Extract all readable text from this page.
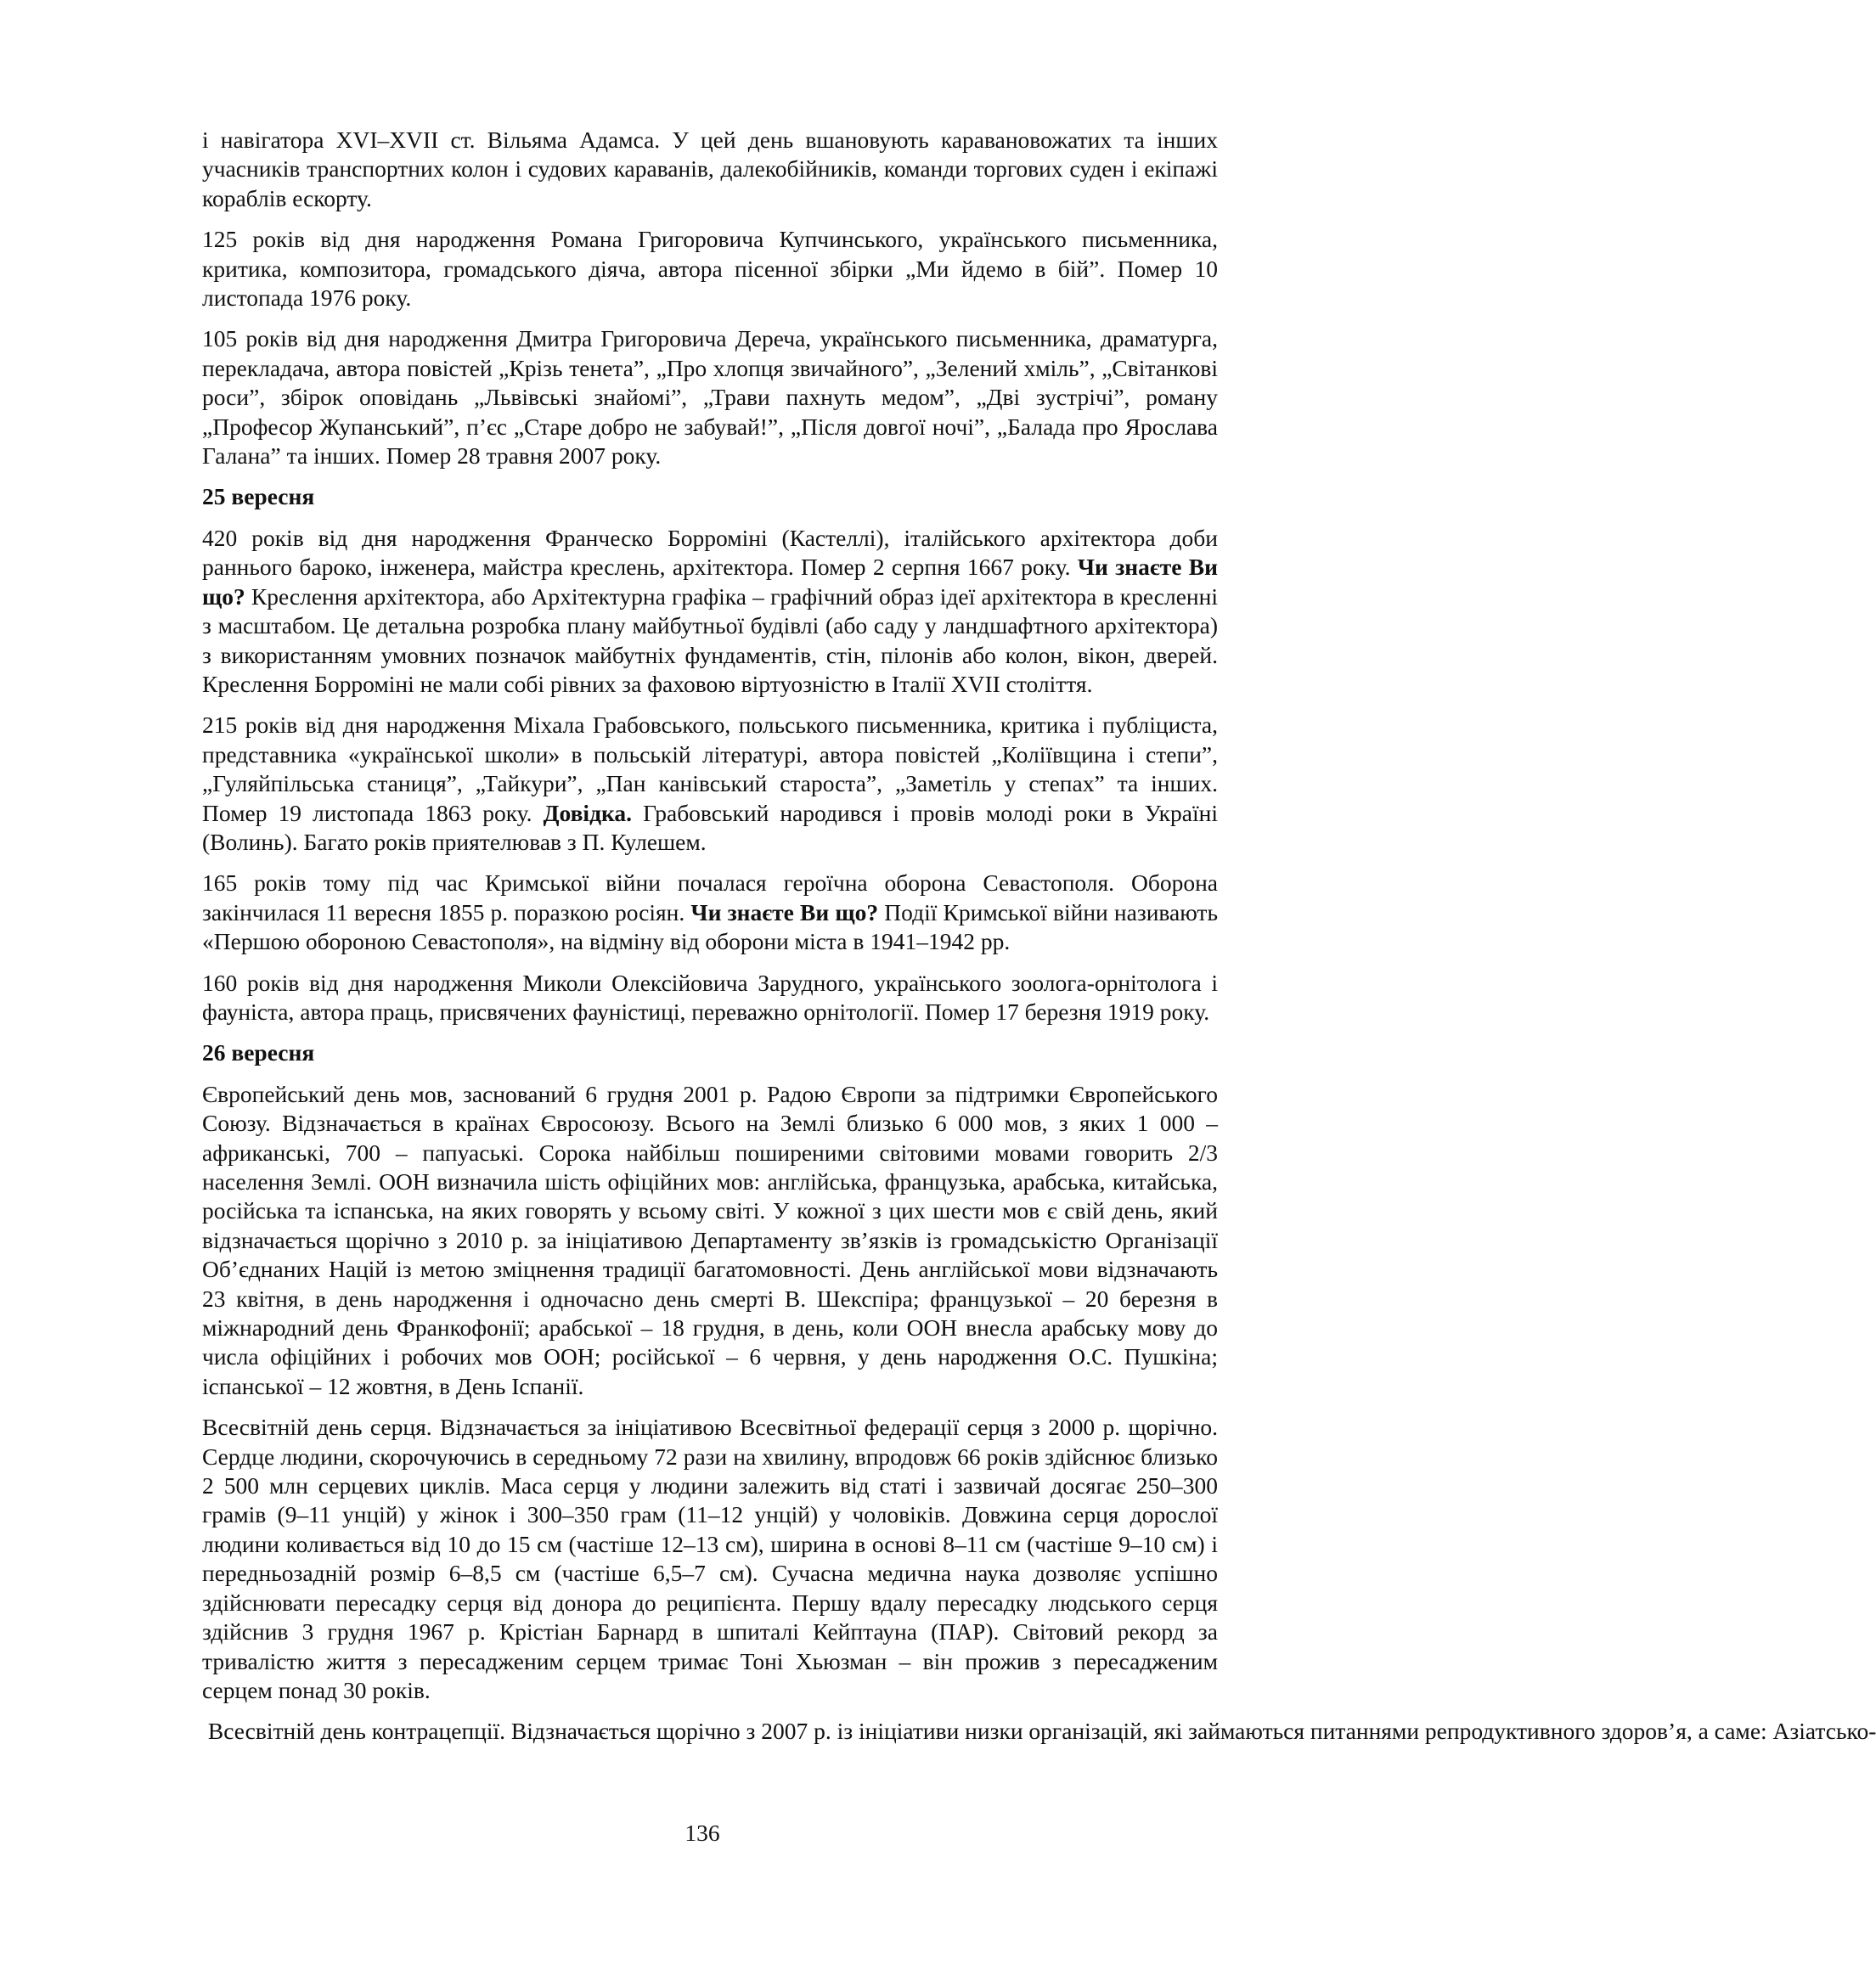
і навігатора XVI–XVII ст. Вільяма Адамса. У цей день вшановують каравановожатих та інших учасників транспортних колон і судових караванів, далекобійників, команди торгових суден і екіпажі кораблів ескорту.

125 років від дня народження Романа Григоровича Купчинського, українського письменника, критика, композитора, громадського діяча, автора пісенної збірки „Ми йдемо в бій”. Помер 10 листопада 1976 року.

105 років від дня народження Дмитра Григоровича Дереча, українського письменника, драматурга, перекладача, автора повістей „Крізь тенета”, „Про хлопця звичайного”, „Зелений хміль”, „Світанкові роси”, збірок оповідань „Львівські знайомі”, „Трави пахнуть медом”, „Дві зустрічі”, роману „Професор Жупанський”, п’єс „Старе добро не забувай!”, „Після довгої ночі”, „Балада про Ярослава Галана” та інших. Помер 28 травня 2007 року.

25 вересня

420 років від дня народження Франческо Борроміні (Кастеллі), італійського архітектора доби раннього бароко, інженера, майстра креслень, архітектора. Помер 2 серпня 1667 року. Чи знаєте Ви що? Креслення архітектора, або Архітектурна графіка – графічний образ ідеї архітектора в кресленні з масштабом. Це детальна розробка плану майбутньої будівлі (або саду у ландшафтного архітектора) з використанням умовних позначок майбутніх фундаментів, стін, пілонів або колон, вікон, дверей. Креслення Борроміні не мали собі рівних за фаховою віртуозністю в Італії XVII століття.

215 років від дня народження Міхала Грабовського, польського письменника, критика і публіциста, представника «української школи» в польській літературі, автора повістей „Коліївщина і степи”, „Гуляйпільська станиця”, „Тайкури”, „Пан канівський староста”, „Заметіль у степах” та інших. Помер 19 листопада 1863 року. Довідка. Грабовський народився і провів молоді роки в Україні (Волинь). Багато років приятелював з П. Кулешем.

165 років тому під час Кримської війни почалася героїчна оборона Севастополя. Оборона закінчилася 11 вересня 1855 р. поразкою росіян. Чи знаєте Ви що? Події Кримської війни називають «Першою обороною Севастополя», на відміну від оборони міста в 1941–1942 рр.

160 років від дня народження Миколи Олексійовича Зарудного, українського зоолога-орнітолога і фауніста, автора праць, присвячених фауністиці, переважно орнітології. Помер 17 березня 1919 року.

26 вересня

Європейський день мов, заснований 6 грудня 2001 р. Радою Європи за підтримки Європейського Союзу. Відзначається в країнах Євросоюзу. Всього на Землі близько 6 000 мов, з яких 1 000 – африканські, 700 – папуаські. Сорока найбільш поширеними світовими мовами говорить 2/3 населення Землі. ООН визначила шість офіційних мов: англійська, французька, арабська, китайська, російська та іспанська, на яких говорять у всьому світі. У кожної з цих шести мов є свій день, який відзначається щорічно з 2010 р. за ініціативою Департаменту зв’язків із громадськістю Організації Об’єднаних Націй із метою зміцнення традиції багатомовності. День англійської мови відзначають 23 квітня, в день народження і одночасно день смерті В. Шекспіра; французької – 20 березня в міжнародний день Франкофонії; арабської – 18 грудня, в день, коли ООН внесла арабську мову до числа офіційних і робочих мов ООН; російської – 6 червня, у день народження О.С. Пушкіна; іспанської – 12 жовтня, в День Іспанії.

Всесвітній день серця. Відзначається за ініціативою Всесвітньої федерації серця з 2000 р. щорічно. Сердце людини, скорочуючись в середньому 72 рази на хвилину, впродовж 66 років здійснює близько 2 500 млн серцевих циклів. Маса серця у людини залежить від статі і зазвичай досягає 250–300 грамів (9–11 унцій) у жінок і 300–350 грам (11–12 унцій) у чоловіків. Довжина серця дорослої людини коливається від 10 до 15 см (частіше 12–13 см), ширина в основі 8–11 см (частіше 9–10 см) і передньозадній розмір 6–8,5 см (частіше 6,5–7 см). Сучасна медична наука дозволяє успішно здійснювати пересадку серця від донора до реципієнта. Першу вдалу пересадку людського серця здійснив 3 грудня 1967 р. Крістіан Барнард в шпиталі Кейптауна (ПАР). Світовий рекорд за тривалістю життя з пересадженим серцем тримає Тоні Хьюзман – він прожив з пересадженим серцем понад 30 років.

Всесвітній день контрацепції. Відзначається щорічно з 2007 р. із ініціативи низки організацій, які займаються питаннями репродуктивного здоров’я, а саме: Азіатсько-

136
